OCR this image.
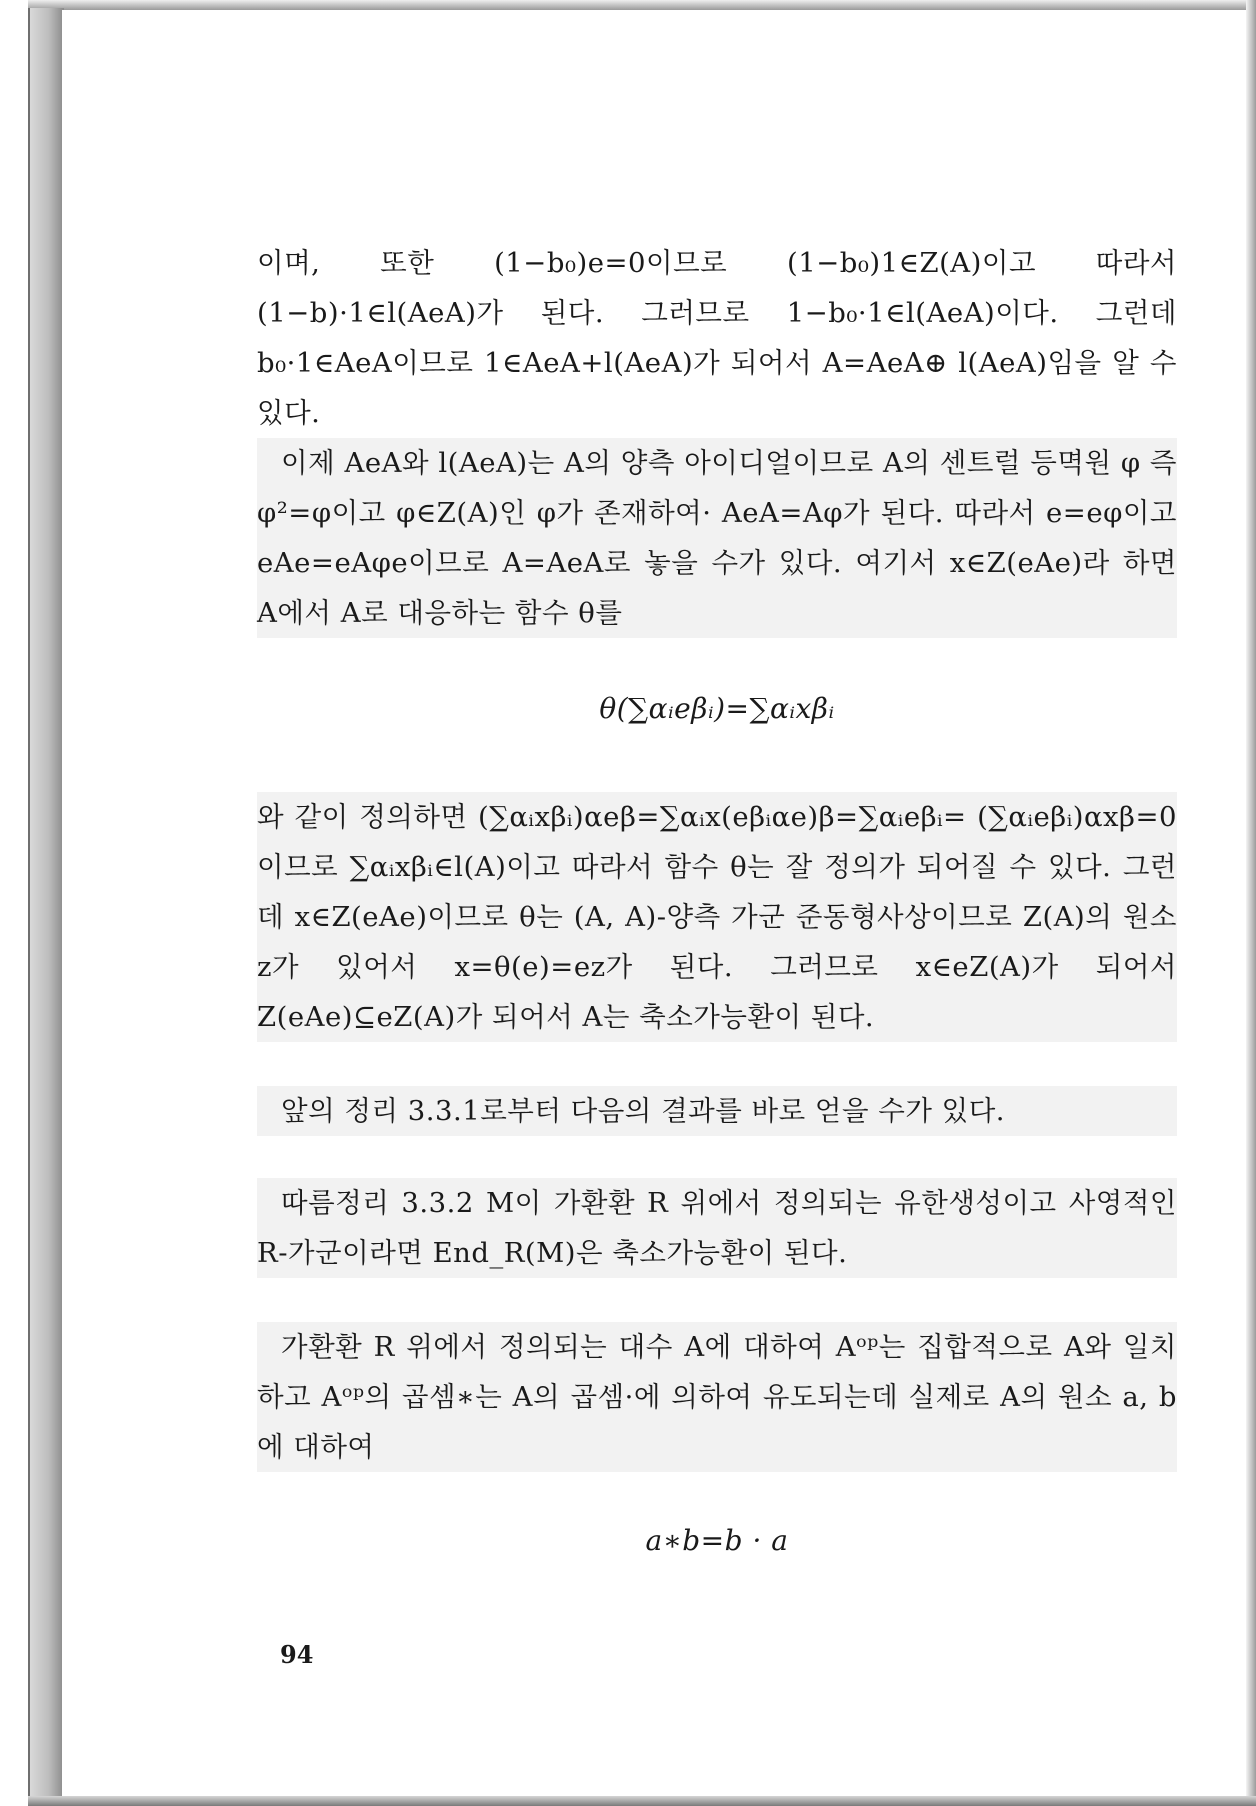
이며, 또한 (1−b₀)e=0이므로 (1−b₀)1∈Z(A)이고 따라서 (1−b)·1∈l(AeA)가 된다. 그러므로 1−b₀·1∈l(AeA)이다. 그런데 b₀·1∈AeA이므로 1∈AeA+l(AeA)가 되어서 A=AeA⊕ l(AeA)임을 알 수 있다.

이제 AeA와 l(AeA)는 A의 양측 아이디얼이므로 A의 센트럴 등멱원 φ 즉 φ²=φ이고 φ∈Z(A)인 φ가 존재하여· AeA=Aφ가 된다. 따라서 e=eφ이고 eAe=eAφe이므로 A=AeA로 놓을 수가 있다. 여기서 x∈Z(eAe)라 하면 A에서 A로 대응하는 함수 θ를

θ(∑αᵢeβᵢ)=∑αᵢxβᵢ

와 같이 정의하면 (∑αᵢxβᵢ)αeβ=∑αᵢx(eβᵢαe)β=∑αᵢeβᵢ= (∑αᵢeβᵢ)αxβ=0이므로 ∑αᵢxβᵢ∈l(A)이고 따라서 함수 θ는 잘 정의가 되어질 수 있다. 그런데 x∈Z(eAe)이므로 θ는 (A, A)-양측 가군 준동형사상이므로 Z(A)의 원소 z가 있어서 x=θ(e)=ez가 된다. 그러므로 x∈eZ(A)가 되어서 Z(eAe)⊆eZ(A)가 되어서 A는 축소가능환이 된다.

앞의 정리 3.3.1로부터 다음의 결과를 바로 얻을 수가 있다.

따름정리 3.3.2 M이 가환환 R 위에서 정의되는 유한생성이고 사영적인 R-가군이라면 End_R(M)은 축소가능환이 된다.

가환환 R 위에서 정의되는 대수 A에 대하여 Aᵒᵖ는 집합적으로 A와 일치하고 Aᵒᵖ의 곱셈∗는 A의 곱셈·에 의하여 유도되는데 실제로 A의 원소 a, b에 대하여

a∗b=b · a

94
